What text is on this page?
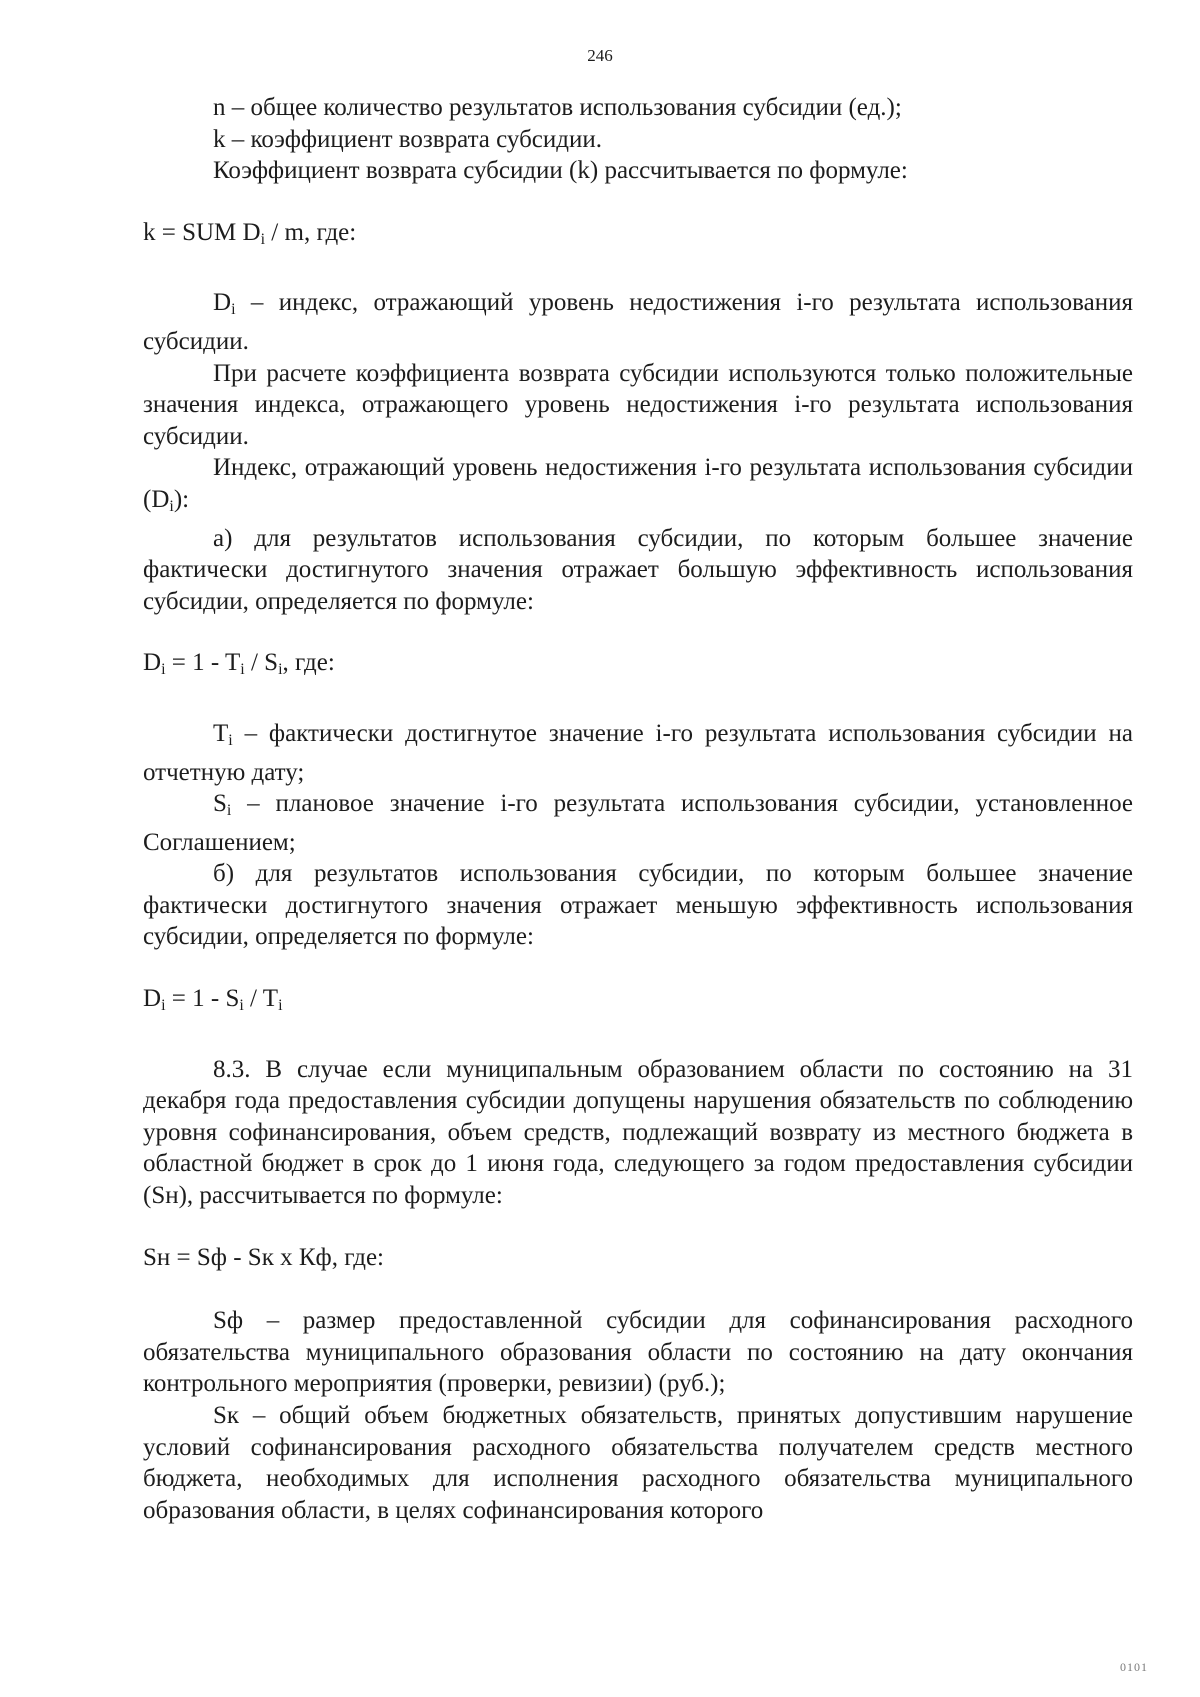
246

n – общее количество результатов использования субсидии (ед.);

k – коэффициент возврата субсидии.

Коэффициент возврата субсидии (k) рассчитывается по формуле:

k = SUM $D_i$ / m, где:

$D_i$ – индекс, отражающий уровень недостижения i-го результата использования субсидии.

При расчете коэффициента возврата субсидии используются только положительные значения индекса, отражающего уровень недостижения i-го результата использования субсидии.

Индекс, отражающий уровень недостижения i-го результата использования субсидии $(D_i)$:

а) для результатов использования субсидии, по которым большее значение фактически достигнутого значения отражает большую эффективность использования субсидии, определяется по формуле:

$D_i = 1 - T_i / S_i$, где:

$T_i$ – фактически достигнутое значение i-го результата использования субсидии на отчетную дату;

$S_i$ – плановое значение i-го результата использования субсидии, установленное Соглашением;

б) для результатов использования субсидии, по которым большее значение фактически достигнутого значения отражает меньшую эффективность использования субсидии, определяется по формуле:

$D_i = 1 - S_i / T_i$

8.3. В случае если муниципальным образованием области по состоянию на 31 декабря года предоставления субсидии допущены нарушения обязательств по соблюдению уровня софинансирования, объем средств, подлежащий возврату из местного бюджета в областной бюджет в срок до 1 июня года, следующего за годом предоставления субсидии (Sн), рассчитывается по формуле:

Sн = Sф - Sк x Кф, где:

Sф – размер предоставленной субсидии для софинансирования расходного обязательства муниципального образования области по состоянию на дату окончания контрольного мероприятия (проверки, ревизии) (руб.);

Sк – общий объем бюджетных обязательств, принятых допустившим нарушение условий софинансирования расходного обязательства получателем средств местного бюджета, необходимых для исполнения расходного обязательства муниципального образования области, в целях софинансирования которого

0101
